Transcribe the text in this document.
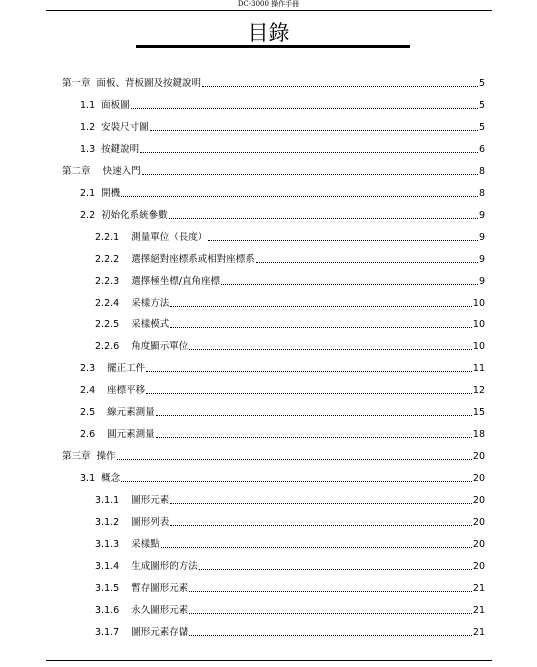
DC-3000 操作手冊
目錄
第一章  面板、背板圖及按鍵說明	5
1.1  面板圖	5
1.2  安裝尺寸圖	5
1.3  按鍵說明	6
第二章    快速入門	8
2.1  開機	8
2.2  初始化系統參數	9
2.2.1    測量單位（長度）	9
2.2.2    選擇絕對座標系或相對座標系	9
2.2.3    選擇極坐標/直角座標	9
2.2.4    采樣方法	10
2.2.5    采樣模式	10
2.2.6    角度顯示單位	10
2.3    擺正工件	11
2.4    座標平移	12
2.5    線元素測量	15
2.6    圓元素測量	18
第三章  操作	20
3.1  概念	20
3.1.1    圖形元素	20
3.1.2    圖形列表	20
3.1.3    采樣點	20
3.1.4    生成圖形的方法	20
3.1.5    暫存圖形元素	21
3.1.6    永久圖形元素	21
3.1.7    圖形元素存儲	21
